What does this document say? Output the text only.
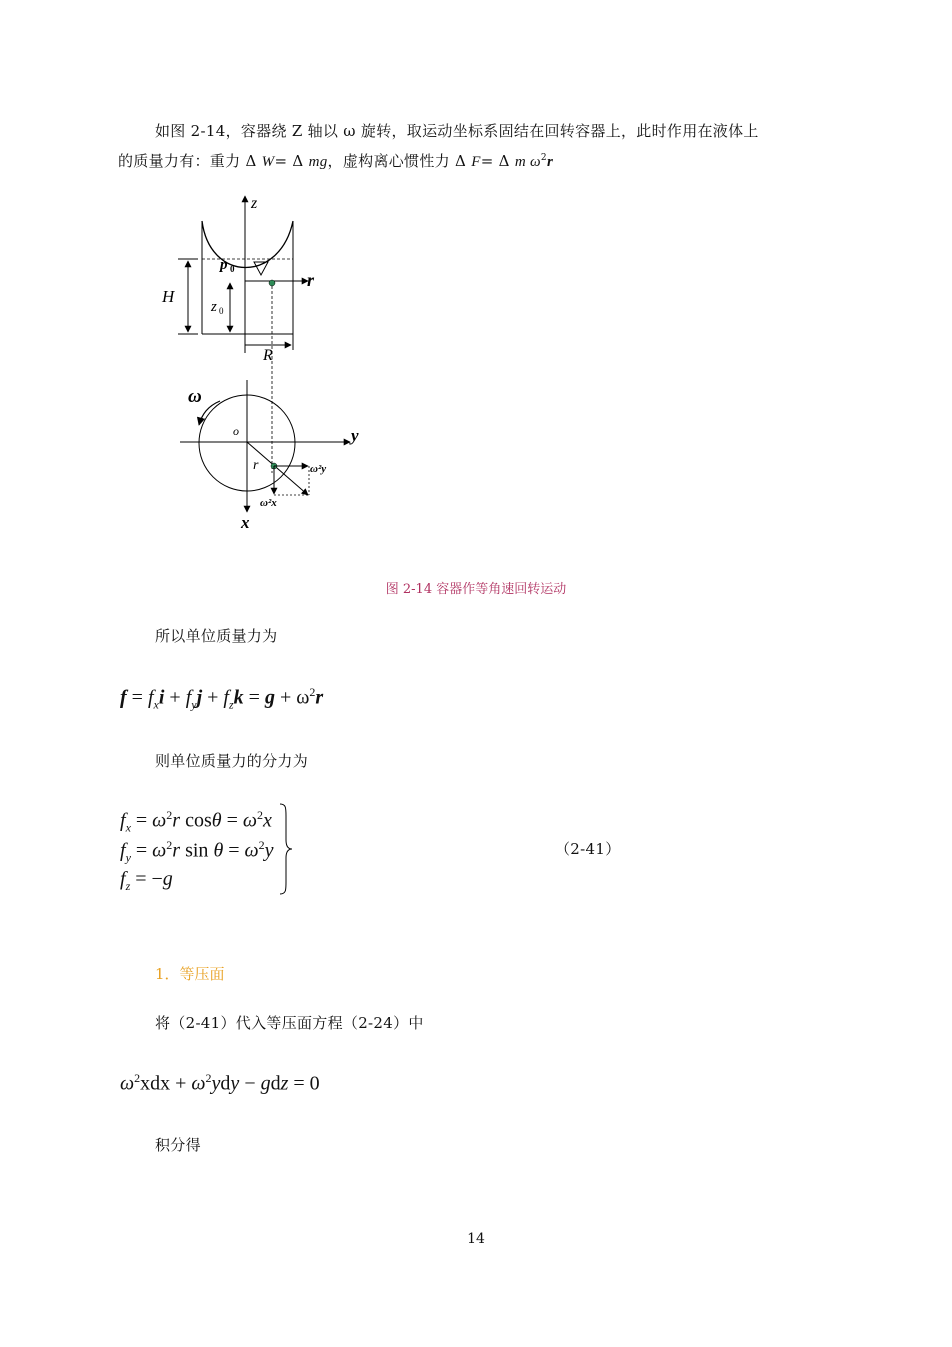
如图 2-14，容器绕 Z 轴以 ω 旋转，取运动坐标系固结在回转容器上，此时作用在液体上
的质量力有：重力 Δ W= Δ mg，虚构离心惯性力 Δ F= Δ m $\omega^2r$
z
p 0
r
H
z 0
R
y
x
o
ω
r	ω²y
ω²x
图 2-14 容器作等角速回转运动
所以单位质量力为
$f = f_xi + f_yj + f_zk = g + \omega^2r$
则单位质量力的分力为
$f_x = \omega^2r$ $\cos\theta = \omega^2x$
$f_y = \omega^2r$ $\sin \theta = \omega^2y$
$f_z = -g$
（2-41）
1．等压面
将（2-41）代入等压面方程（2-24）中
$\omega^2xdx + \omega^2ydy$ − gdz = 0
积分得
14
